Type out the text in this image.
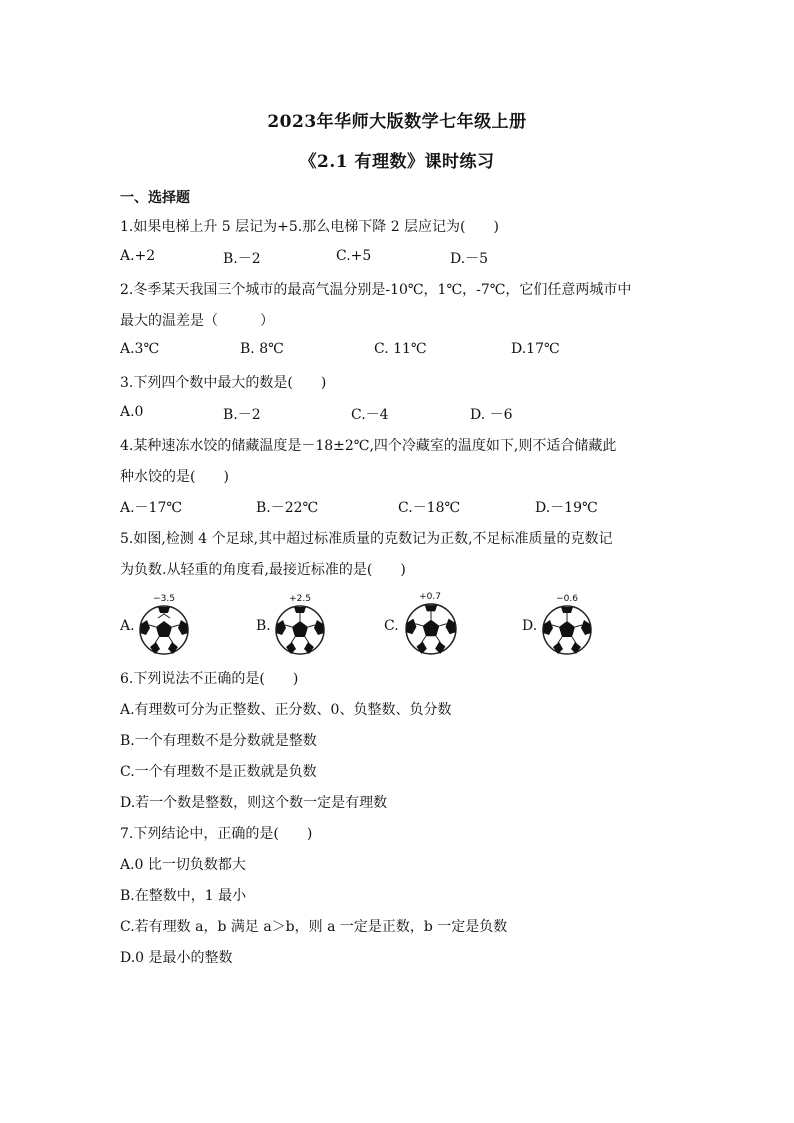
2023年华师大版数学七年级上册
《2.1 有理数》课时练习
一、选择题
1.如果电梯上升 5 层记为+5.那么电梯下降 2 层应记为(　　)
A.+2	B.－2	C.+5	D.－5
2.冬季某天我国三个城市的最高气温分别是-10℃，1℃，-7℃，它们任意两城市中
最大的温差是（　　　）
A.3℃	B. 8℃	C. 11℃	D.17℃
3.下列四个数中最大的数是(　　)
A.0	B.－2	C.－4	D. －6
4.某种速冻水饺的储藏温度是－18±2℃,四个冷藏室的温度如下,则不适合储藏此
种水饺的是(　　)
A.－17℃	B.－22℃	C.－18℃	D.－19℃
5.如图,检测 4 个足球,其中超过标准质量的克数记为正数,不足标准质量的克数记
为负数.从轻重的角度看,最接近标准的是(　　)
A.
−3.5
B.
+2.5
C.
+0.7
D.
−0.6
6.下列说法不正确的是(　　)
A.有理数可分为正整数、正分数、0、负整数、负分数
B.一个有理数不是分数就是整数
C.一个有理数不是正数就是负数
D.若一个数是整数，则这个数一定是有理数
7.下列结论中，正确的是(　　)
A.0 比一切负数都大
B.在整数中，1 最小
C.若有理数 a，b 满足 a＞b，则 a 一定是正数，b 一定是负数
D.0 是最小的整数
